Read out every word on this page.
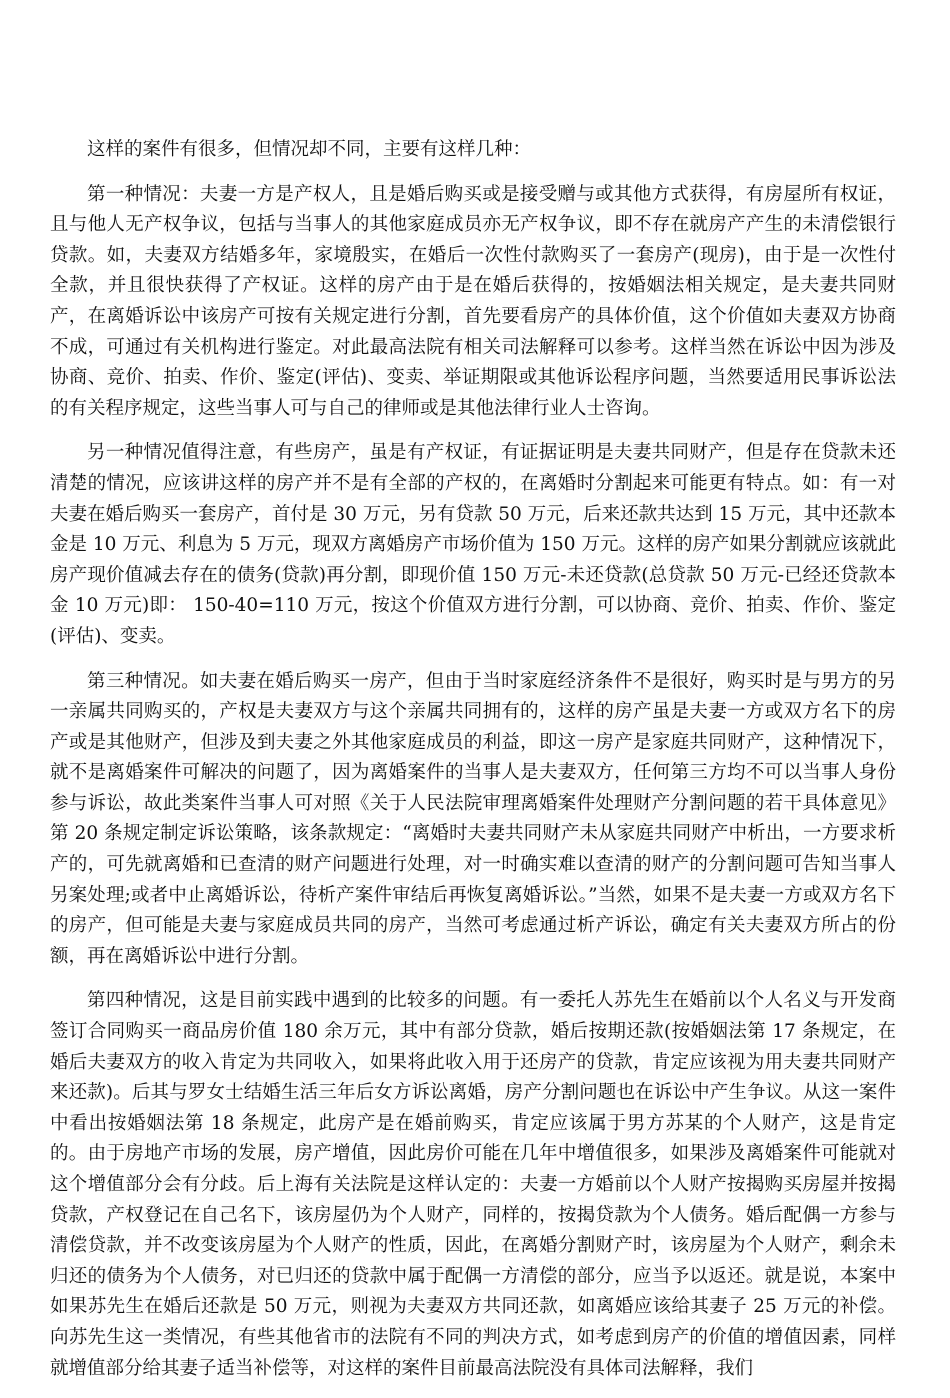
这样的案件有很多，但情况却不同，主要有这样几种：

第一种情况：夫妻一方是产权人，且是婚后购买或是接受赠与或其他方式获得，有房屋所有权证，且与他人无产权争议，包括与当事人的其他家庭成员亦无产权争议，即不存在就房产产生的未清偿银行贷款。如，夫妻双方结婚多年，家境殷实，在婚后一次性付款购买了一套房产(现房)，由于是一次性付全款，并且很快获得了产权证。这样的房产由于是在婚后获得的，按婚姻法相关规定，是夫妻共同财产，在离婚诉讼中该房产可按有关规定进行分割，首先要看房产的具体价值，这个价值如夫妻双方协商不成，可通过有关机构进行鉴定。对此最高法院有相关司法解释可以参考。这样当然在诉讼中因为涉及协商、竞价、拍卖、作价、鉴定(评估)、变卖、举证期限或其他诉讼程序问题，当然要适用民事诉讼法的有关程序规定，这些当事人可与自己的律师或是其他法律行业人士咨询。

另一种情况值得注意，有些房产，虽是有产权证，有证据证明是夫妻共同财产，但是存在贷款未还清楚的情况，应该讲这样的房产并不是有全部的产权的，在离婚时分割起来可能更有特点。如：有一对夫妻在婚后购买一套房产，首付是 30 万元，另有贷款 50 万元，后来还款共达到 15 万元，其中还款本金是 10 万元、利息为 5 万元，现双方离婚房产市场价值为 150 万元。这样的房产如果分割就应该就此房产现价值减去存在的债务(贷款)再分割，即现价值 150 万元-未还贷款(总贷款 50 万元-已经还贷款本金 10 万元)即： 150-40=110 万元，按这个价值双方进行分割，可以协商、竞价、拍卖、作价、鉴定(评估)、变卖。

第三种情况。如夫妻在婚后购买一房产，但由于当时家庭经济条件不是很好，购买时是与男方的另一亲属共同购买的，产权是夫妻双方与这个亲属共同拥有的，这样的房产虽是夫妻一方或双方名下的房产或是其他财产，但涉及到夫妻之外其他家庭成员的利益，即这一房产是家庭共同财产，这种情况下，就不是离婚案件可解决的问题了，因为离婚案件的当事人是夫妻双方，任何第三方均不可以当事人身份参与诉讼，故此类案件当事人可对照《关于人民法院审理离婚案件处理财产分割问题的若干具体意见》第 20 条规定制定诉讼策略，该条款规定：“离婚时夫妻共同财产未从家庭共同财产中析出，一方要求析产的，可先就离婚和已查清的财产问题进行处理，对一时确实难以查清的财产的分割问题可告知当事人另案处理;或者中止离婚诉讼，待析产案件审结后再恢复离婚诉讼。”当然，如果不是夫妻一方或双方名下的房产，但可能是夫妻与家庭成员共同的房产，当然可考虑通过析产诉讼，确定有关夫妻双方所占的份额，再在离婚诉讼中进行分割。

第四种情况，这是目前实践中遇到的比较多的问题。有一委托人苏先生在婚前以个人名义与开发商签订合同购买一商品房价值 180 余万元，其中有部分贷款，婚后按期还款(按婚姻法第 17 条规定，在婚后夫妻双方的收入肯定为共同收入，如果将此收入用于还房产的贷款，肯定应该视为用夫妻共同财产来还款)。后其与罗女士结婚生活三年后女方诉讼离婚，房产分割问题也在诉讼中产生争议。从这一案件中看出按婚姻法第 18 条规定，此房产是在婚前购买，肯定应该属于男方苏某的个人财产，这是肯定的。由于房地产市场的发展，房产增值，因此房价可能在几年中增值很多，如果涉及离婚案件可能就对这个增值部分会有分歧。后上海有关法院是这样认定的：夫妻一方婚前以个人财产按揭购买房屋并按揭贷款，产权登记在自己名下，该房屋仍为个人财产，同样的，按揭贷款为个人债务。婚后配偶一方参与清偿贷款，并不改变该房屋为个人财产的性质，因此，在离婚分割财产时，该房屋为个人财产，剩余未归还的债务为个人债务，对已归还的贷款中属于配偶一方清偿的部分，应当予以返还。就是说，本案中如果苏先生在婚后还款是 50 万元，则视为夫妻双方共同还款，如离婚应该给其妻子 25 万元的补偿。向苏先生这一类情况，有些其他省市的法院有不同的判决方式，如考虑到房产的价值的增值因素，同样就增值部分给其妻子适当补偿等，对这样的案件目前最高法院没有具体司法解释，我们
